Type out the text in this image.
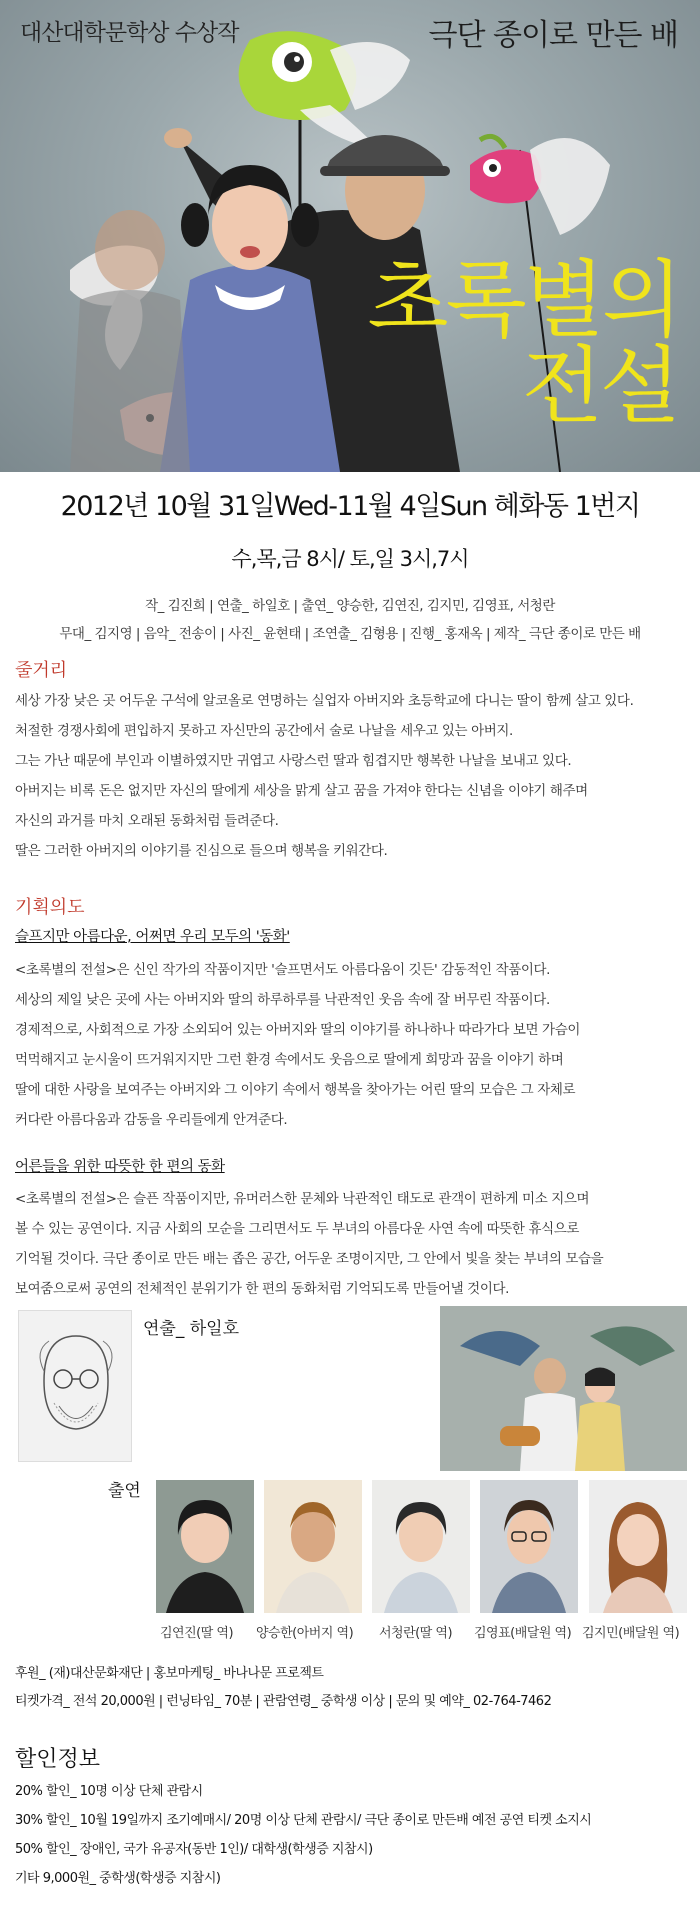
대산대학문학상 수상작	극단 종이로 만든 배
초록별의
전설
2012년 10월 31일Wed-11월 4일Sun 혜화동 1번지
수,목,금 8시/ 토,일 3시,7시
작_ 김진희 | 연출_ 하일호 | 출연_ 양승한, 김연진, 김지민, 김영표, 서청란
무대_ 김지영 | 음악_ 전송이 | 사진_ 윤현태 | 조연출_ 김형용 | 진행_ 홍재옥 | 제작_ 극단 종이로 만든 배
줄거리
세상 가장 낮은 곳 어두운 구석에 알코올로 연명하는 실업자 아버지와 초등학교에 다니는 딸이 함께 살고 있다.
처절한 경쟁사회에 편입하지 못하고 자신만의 공간에서 술로 나날을 세우고 있는 아버지.
그는 가난 때문에 부인과 이별하였지만 귀엽고 사랑스런 딸과 힘겹지만 행복한 나날을 보내고 있다.
아버지는 비록 돈은 없지만 자신의 딸에게 세상을 맑게 살고 꿈을 가져야 한다는 신념을 이야기 해주며
자신의 과거를 마치 오래된 동화처럼 들려준다.
딸은 그러한 아버지의 이야기를 진심으로 들으며 행복을 키워간다.
기획의도
슬프지만 아름다운, 어쩌면 우리 모두의 '동화'
<초록별의 전설>은 신인 작가의 작품이지만 '슬프면서도 아름다움이 깃든' 감동적인 작품이다.
세상의 제일 낮은 곳에 사는 아버지와 딸의 하루하루를 낙관적인 웃음 속에 잘 버무린 작품이다.
경제적으로, 사회적으로 가장 소외되어 있는 아버지와 딸의 이야기를 하나하나 따라가다 보면 가슴이
먹먹해지고 눈시울이 뜨거워지지만 그런 환경 속에서도 웃음으로 딸에게 희망과 꿈을 이야기 하며
딸에 대한 사랑을 보여주는 아버지와 그 이야기 속에서 행복을 찾아가는 어린 딸의 모습은 그 자체로
커다란 아름다움과 감동을 우리들에게 안겨준다.
어른들을 위한 따뜻한 한 편의 동화
<초록별의 전설>은 슬픈 작품이지만, 유머러스한 문체와 낙관적인 태도로 관객이 편하게 미소 지으며
볼 수 있는 공연이다. 지금 사회의 모순을 그리면서도 두 부녀의 아름다운 사연 속에 따뜻한 휴식으로
기억될 것이다. 극단 종이로 만든 배는 좁은 공간, 어두운 조명이지만, 그 안에서 빛을 찾는 부녀의 모습을
보여줌으로써 공연의 전체적인 분위기가 한 편의 동화처럼 기억되도록 만들어낼 것이다.
연출_ 하일호
출연
김연진(딸 역) 양승한(아버지 역) 서청란(딸 역) 김영표(배달원 역) 김지민(배달원 역)
후원_ (재)대산문화재단 | 홍보마케팅_ 바나나문 프로젝트
티켓가격_ 전석 20,000원 | 런닝타임_ 70분 | 관람연령_ 중학생 이상 | 문의 및 예약_ 02-764-7462
할인정보
20% 할인_ 10명 이상 단체 관람시
30% 할인_ 10월 19일까지 조기예매시/ 20명 이상 단체 관람시/ 극단 종이로 만든배 예전 공연 티켓 소지시
50% 할인_ 장애인, 국가 유공자(동반 1인)/ 대학생(학생증 지참시)
기타 9,000원_ 중학생(학생증 지참시)
